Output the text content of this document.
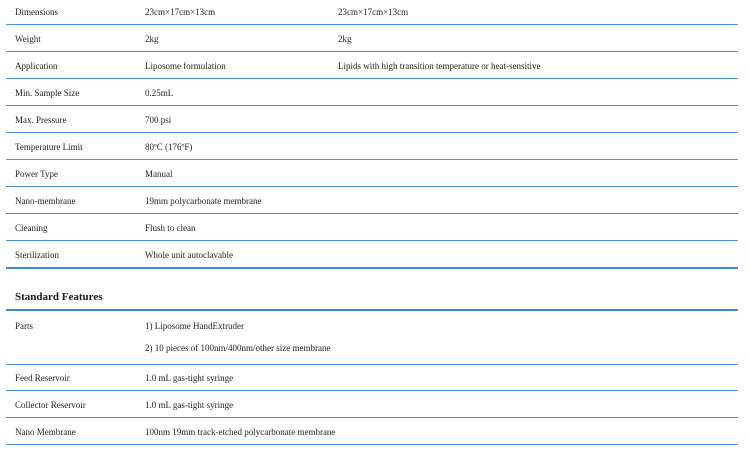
Dimensions	23cm×17cm×13cm	23cm×17cm×13cm
Weight	2kg	2kg
Application	Liposome formulation	Lipids with high transition temperature or heat-sensitive
Min. Sample Size	0.25mL
Max. Pressure	700 psi
Temperature Limit	80ºC (176ºF)
Power Type	Manual
Nano-membrane	19mm polycarbonate membrane
Cleaning	Flush to clean
Sterilization	Whole unit autoclavable
Standard Features
Parts	1) Liposome HandExtruder
2) 10 pieces of 100nm/400nm/other size membrane
Feed Reservoir	1.0 mL gas-tight syringe
Collector Reservoir	1.0 mL gas-tight syringe
Nano Membrane	100nm 19mm track-etched polycarbonate membrane
